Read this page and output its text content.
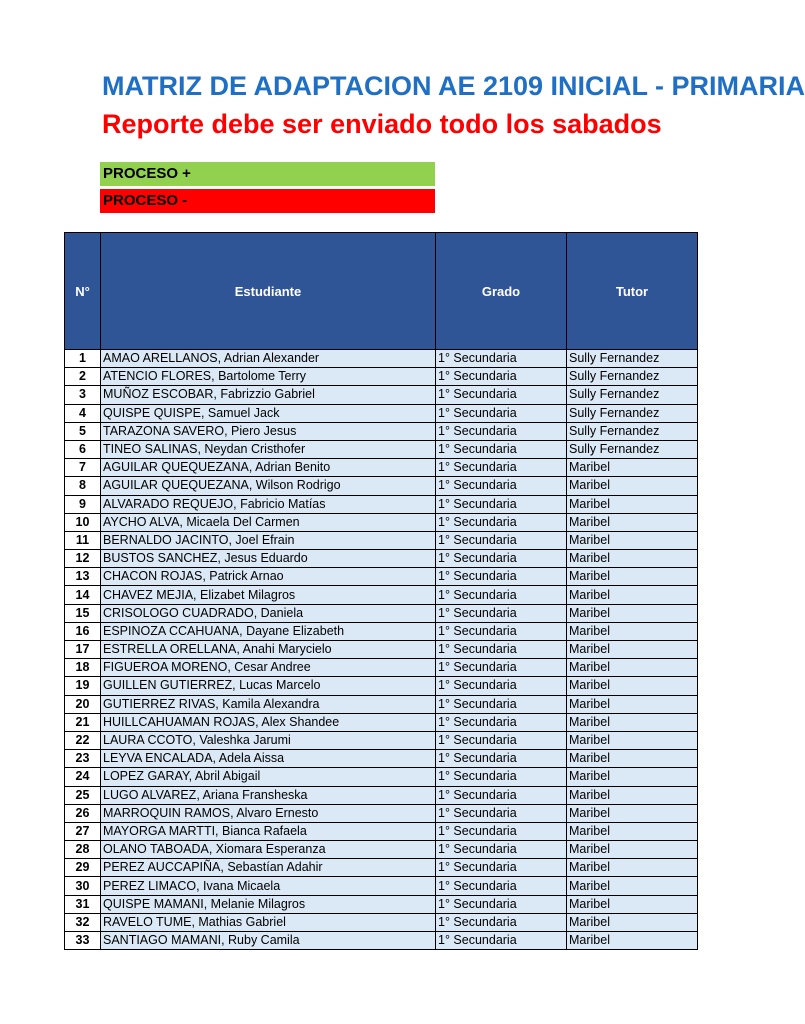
MATRIZ DE ADAPTACION AE 2109 INICIAL - PRIMARIA
Reporte debe ser enviado todo los sabados
PROCESO +
PROCESO -
N°	Estudiante	Grado	Tutor
1	AMAO ARELLANOS, Adrian Alexander	1° Secundaria	Sully Fernandez
2	ATENCIO FLORES, Bartolome Terry	1° Secundaria	Sully Fernandez
3	MUÑOZ ESCOBAR, Fabrizzio Gabriel	1° Secundaria	Sully Fernandez
4	QUISPE QUISPE, Samuel Jack	1° Secundaria	Sully Fernandez
5	TARAZONA SAVERO, Piero Jesus	1° Secundaria	Sully Fernandez
6	TINEO SALINAS, Neydan Cristhofer	1° Secundaria	Sully Fernandez
7	AGUILAR QUEQUEZANA, Adrian Benito	1° Secundaria	Maribel
8	AGUILAR QUEQUEZANA, Wilson Rodrigo	1° Secundaria	Maribel
9	ALVARADO REQUEJO, Fabricio Matías	1° Secundaria	Maribel
10	AYCHO ALVA, Micaela Del Carmen	1° Secundaria	Maribel
11	BERNALDO JACINTO, Joel Efrain	1° Secundaria	Maribel
12	BUSTOS SANCHEZ, Jesus Eduardo	1° Secundaria	Maribel
13	CHACON ROJAS, Patrick Arnao	1° Secundaria	Maribel
14	CHAVEZ MEJIA, Elizabet Milagros	1° Secundaria	Maribel
15	CRISOLOGO CUADRADO, Daniela	1° Secundaria	Maribel
16	ESPINOZA CCAHUANA, Dayane Elizabeth	1° Secundaria	Maribel
17	ESTRELLA ORELLANA, Anahi Marycielo	1° Secundaria	Maribel
18	FIGUEROA MORENO, Cesar Andree	1° Secundaria	Maribel
19	GUILLEN GUTIERREZ, Lucas Marcelo	1° Secundaria	Maribel
20	GUTIERREZ RIVAS, Kamila Alexandra	1° Secundaria	Maribel
21	HUILLCAHUAMAN ROJAS, Alex Shandee	1° Secundaria	Maribel
22	LAURA CCOTO, Valeshka Jarumi	1° Secundaria	Maribel
23	LEYVA ENCALADA, Adela Aissa	1° Secundaria	Maribel
24	LOPEZ GARAY, Abril Abigail	1° Secundaria	Maribel
25	LUGO ALVAREZ, Ariana Fransheska	1° Secundaria	Maribel
26	MARROQUIN RAMOS, Alvaro Ernesto	1° Secundaria	Maribel
27	MAYORGA MARTTI, Bianca Rafaela	1° Secundaria	Maribel
28	OLANO TABOADA, Xiomara Esperanza	1° Secundaria	Maribel
29	PEREZ AUCCAPIÑA, Sebastían Adahir	1° Secundaria	Maribel
30	PEREZ LIMACO, Ivana Micaela	1° Secundaria	Maribel
31	QUISPE MAMANI, Melanie Milagros	1° Secundaria	Maribel
32	RAVELO TUME, Mathias Gabriel	1° Secundaria	Maribel
33	SANTIAGO MAMANI, Ruby Camila	1° Secundaria	Maribel
